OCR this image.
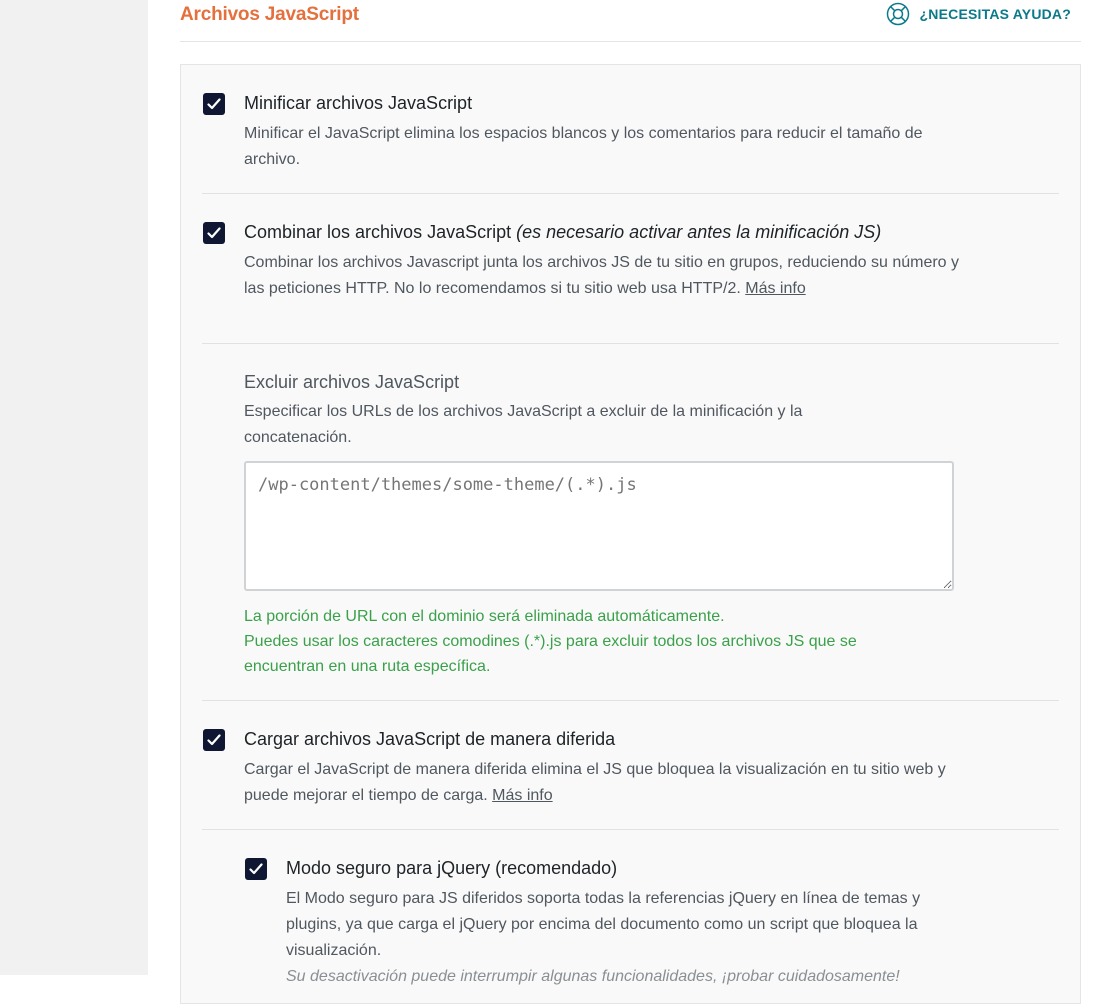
Archivos JavaScript	¿NECESITAS AYUDA?
Minificar archivos JavaScript
Minificar el JavaScript elimina los espacios blancos y los comentarios para reducir el tamaño de
archivo.
Combinar los archivos JavaScript (es necesario activar antes la minificación JS)
Combinar los archivos Javascript junta los archivos JS de tu sitio en grupos, reduciendo su número y
las peticiones HTTP. No lo recomendamos si tu sitio web usa HTTP/2. Más info
Excluir archivos JavaScript
Especificar los URLs de los archivos JavaScript a excluir de la minificación y la
concatenación.
/wp-content/themes/some-theme/(.*).js
La porción de URL con el dominio será eliminada automáticamente.
Puedes usar los caracteres comodines (.*).js para excluir todos los archivos JS que se
encuentran en una ruta específica.
Cargar archivos JavaScript de manera diferida
Cargar el JavaScript de manera diferida elimina el JS que bloquea la visualización en tu sitio web y
puede mejorar el tiempo de carga. Más info
Modo seguro para jQuery (recomendado)
El Modo seguro para JS diferidos soporta todas la referencias jQuery en línea de temas y
plugins, ya que carga el jQuery por encima del documento como un script que bloquea la
visualización.
Su desactivación puede interrumpir algunas funcionalidades, ¡probar cuidadosamente!
